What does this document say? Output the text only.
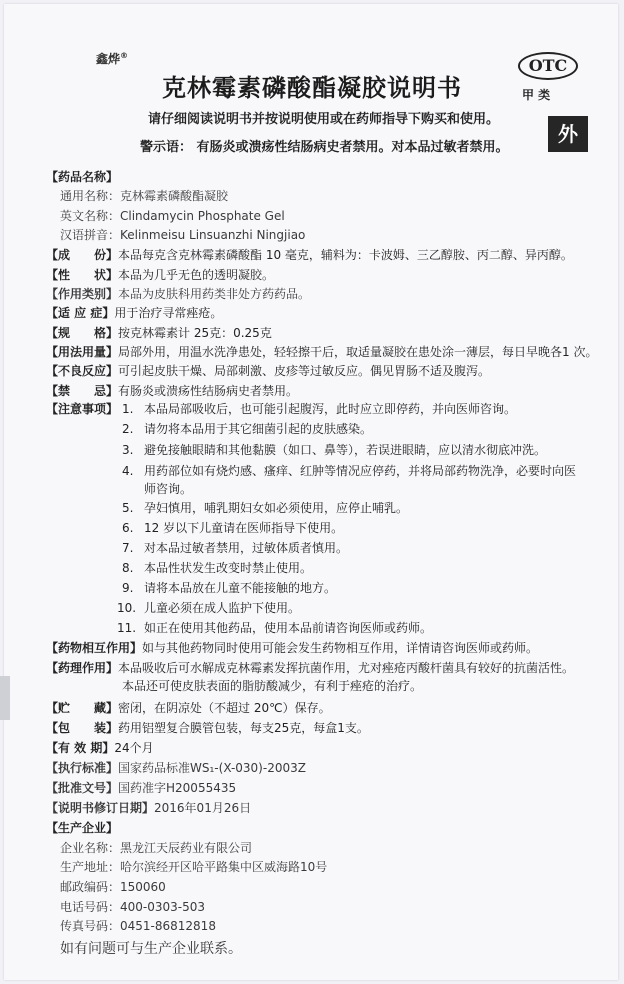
鑫烨®
克林霉素磷酸酯凝胶说明书
OTC
甲 类
外
请仔细阅读说明书并按说明使用或在药师指导下购买和使用。
警示语： 有肠炎或溃疡性结肠病史者禁用。对本品过敏者禁用。
【药品名称】
通用名称：克林霉素磷酸酯凝胶
英文名称：Clindamycin Phosphate Gel
汉语拼音：Kelinmeisu Linsuanzhi Ningjiao
【成　　份】本品每克含克林霉素磷酸酯 10 毫克，辅料为：卡波姆、三乙醇胺、丙二醇、异丙醇。
【性　　状】本品为几乎无色的透明凝胶。
【作用类别】本品为皮肤科用药类非处方药药品。
【适 应 症】用于治疗寻常痤疮。
【规　　格】按克林霉素计 25克：0.25克
【用法用量】局部外用，用温水洗净患处，轻轻擦干后，取适量凝胶在患处涂一薄层，每日早晚各1 次。
【不良反应】可引起皮肤干燥、局部刺激、皮疹等过敏反应。偶见胃肠不适及腹泻。
【禁　　忌】有肠炎或溃疡性结肠病史者禁用。
【注意事项】 1. 本品局部吸收后，也可能引起腹泻，此时应立即停药，并向医师咨询。
2. 请勿将本品用于其它细菌引起的皮肤感染。
3. 避免接触眼睛和其他黏膜（如口、鼻等），若误进眼睛，应以清水彻底冲洗。
4. 用药部位如有烧灼感、瘙痒、红肿等情况应停药，并将局部药物洗净，必要时向医
师咨询。
5. 孕妇慎用，哺乳期妇女如必须使用，应停止哺乳。
6. 12 岁以下儿童请在医师指导下使用。
7. 对本品过敏者禁用，过敏体质者慎用。
8. 本品性状发生改变时禁止使用。
9. 请将本品放在儿童不能接触的地方。
10. 儿童必须在成人监护下使用。
11. 如正在使用其他药品，使用本品前请咨询医师或药师。
【药物相互作用】如与其他药物同时使用可能会发生药物相互作用，详情请咨询医师或药师。
【药理作用】本品吸收后可水解成克林霉素发挥抗菌作用，尤对痤疮丙酸杆菌具有较好的抗菌活性。
本品还可使皮肤表面的脂肪酸减少，有利于痤疮的治疗。
【贮　　藏】密闭，在阴凉处（不超过 20℃）保存。
【包　　装】药用铝塑复合膜管包装，每支25克，每盒1支。
【有 效 期】24个月
【执行标准】国家药品标准WS₁-(X-030)-2003Z
【批准文号】国药准字H20055435
【说明书修订日期】2016年01月26日
【生产企业】
企业名称：黑龙江天辰药业有限公司
生产地址：哈尔滨经开区哈平路集中区威海路10号
邮政编码：150060
电话号码：400-0303-503
传真号码：0451-86812818
如有问题可与生产企业联系。
